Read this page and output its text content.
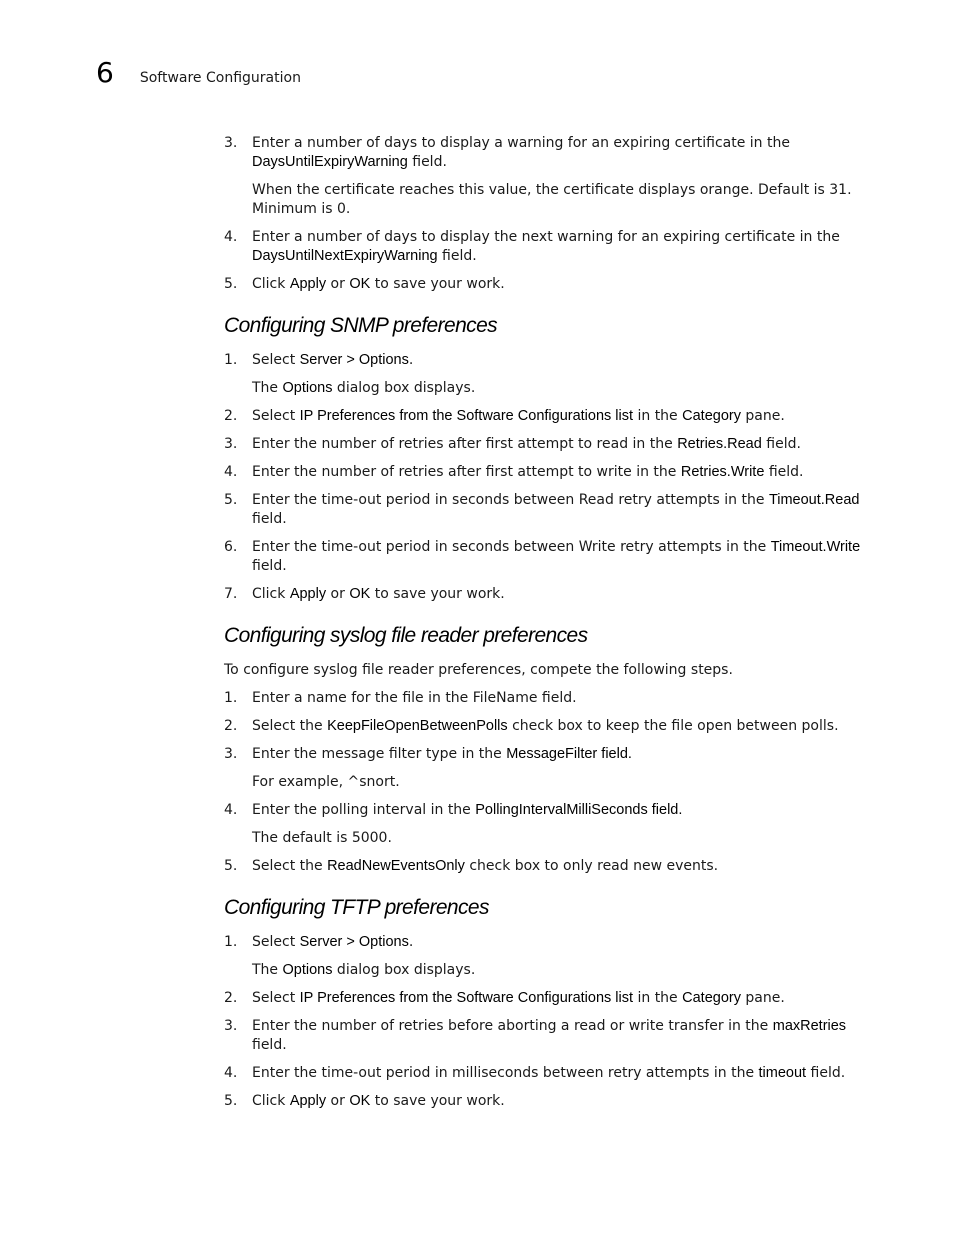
6 Software Configuration
3.	Enter a number of days to display a warning for an expiring certificate in the DaysUntilExpiryWarning field.
When the certificate reaches this value, the certificate displays orange. Default is 31. Minimum is 0.
4.	Enter a number of days to display the next warning for an expiring certificate in the DaysUntilNextExpiryWarning field.
5.	Click Apply or OK to save your work.
Configuring SNMP preferences
1.	Select Server > Options.
The Options dialog box displays.
2.	Select IP Preferences from the Software Configurations list in the Category pane.
3.	Enter the number of retries after first attempt to read in the Retries.Read field.
4.	Enter the number of retries after first attempt to write in the Retries.Write field.
5.	Enter the time-out period in seconds between Read retry attempts in the Timeout.Read field.
6.	Enter the time-out period in seconds between Write retry attempts in the Timeout.Write field.
7.	Click Apply or OK to save your work.
Configuring syslog file reader preferences
To configure syslog file reader preferences, compete the following steps.
1.	Enter a name for the file in the FileName field.
2.	Select the KeepFileOpenBetweenPolls check box to keep the file open between polls.
3.	Enter the message filter type in the MessageFilter field.
For example, ^snort.
4.	Enter the polling interval in the PollingIntervalMilliSeconds field.
The default is 5000.
5.	Select the ReadNewEventsOnly check box to only read new events.
Configuring TFTP preferences
1.	Select Server > Options.
The Options dialog box displays.
2.	Select IP Preferences from the Software Configurations list in the Category pane.
3.	Enter the number of retries before aborting a read or write transfer in the maxRetries field.
4.	Enter the time-out period in milliseconds between retry attempts in the timeout field.
5.	Click Apply or OK to save your work.
